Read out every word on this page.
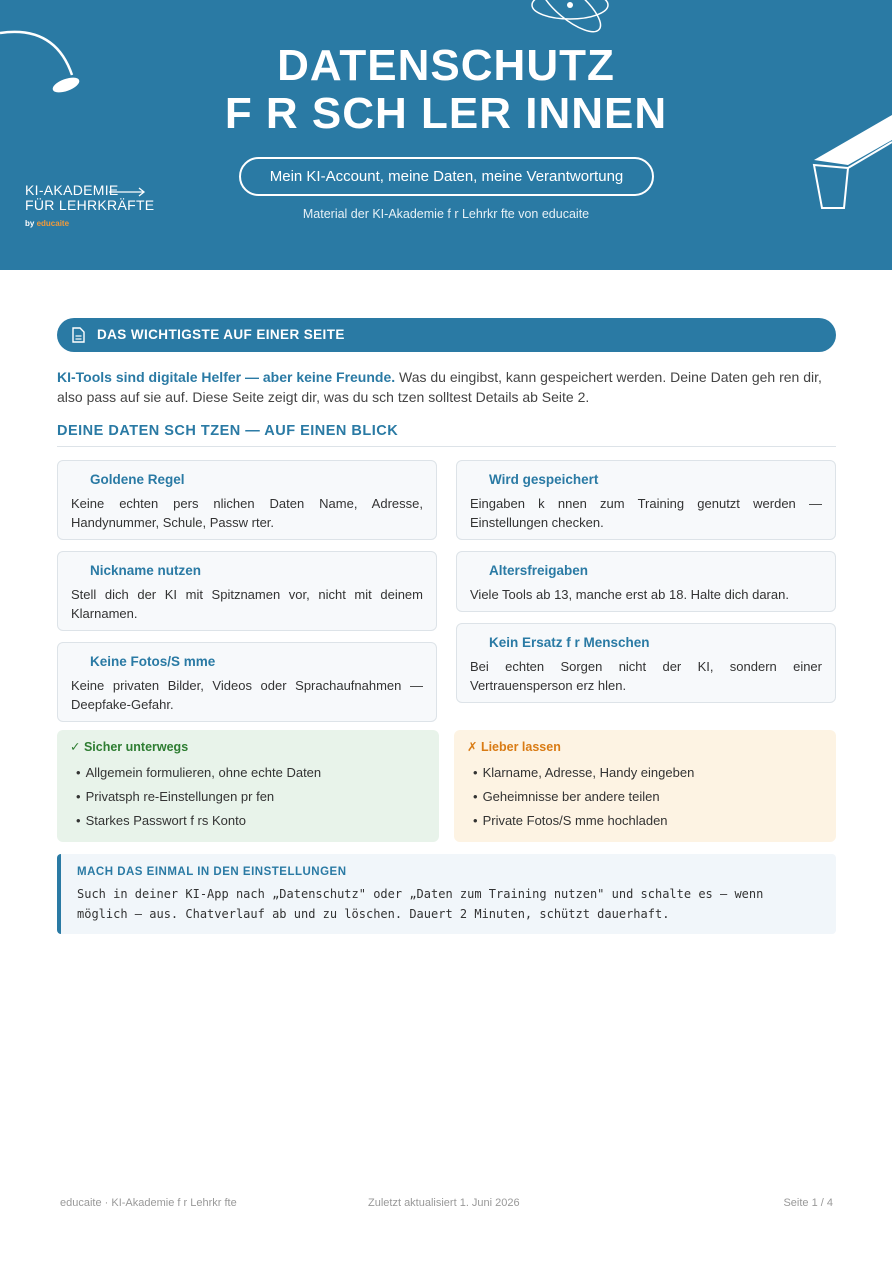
DATENSCHUTZ
F R SCH LER INNEN
Mein KI-Account, meine Daten, meine Verantwortung
Material der KI-Akademie f r Lehrkr fte von educaite
KI-AKADEMIE
FÜR LEHRKRÄFTE
by educaite
DAS WICHTIGSTE AUF EINER SEITE
KI-Tools sind digitale Helfer — aber keine Freunde. Was du eingibst, kann gespeichert werden. Deine Daten geh ren dir, also pass auf sie auf. Diese Seite zeigt dir, was du sch tzen solltest Details ab Seite 2.
DEINE DATEN SCH TZEN — AUF EINEN BLICK
Goldene Regel
Keine echten pers nlichen Daten Name, Adresse, Handynummer, Schule, Passw rter.
Wird gespeichert
Eingaben k nnen zum Training genutzt werden — Einstellungen checken.
Nickname nutzen
Stell dich der KI mit Spitznamen vor, nicht mit deinem Klarnamen.
Altersfreigaben
Viele Tools ab 13, manche erst ab 18. Halte dich daran.
Keine Fotos/S mme
Keine privaten Bilder, Videos oder Sprachaufnahmen — Deepfake-Gefahr.
Kein Ersatz f r Menschen
Bei echten Sorgen nicht der KI, sondern einer Vertrauensperson erz hlen.
✓ Sicher unterwegs
• Allgemein formulieren, ohne echte Daten
• Privatsph re-Einstellungen pr fen
• Starkes Passwort f rs Konto
✗ Lieber lassen
• Klarname, Adresse, Handy eingeben
• Geheimnisse ber andere teilen
• Private Fotos/S mme hochladen
MACH DAS EINMAL IN DEN EINSTELLUNGEN
Such in deiner KI-App nach „Datenschutz" oder „Daten zum Training nutzen" und schalte es — wenn möglich — aus. Chatverlauf ab und zu löschen. Dauert 2 Minuten, schützt dauerhaft.
educaite · KI-Akademie f r Lehrkr fte	Zuletzt aktualisiert 1. Juni 2026	Seite 1 / 4
